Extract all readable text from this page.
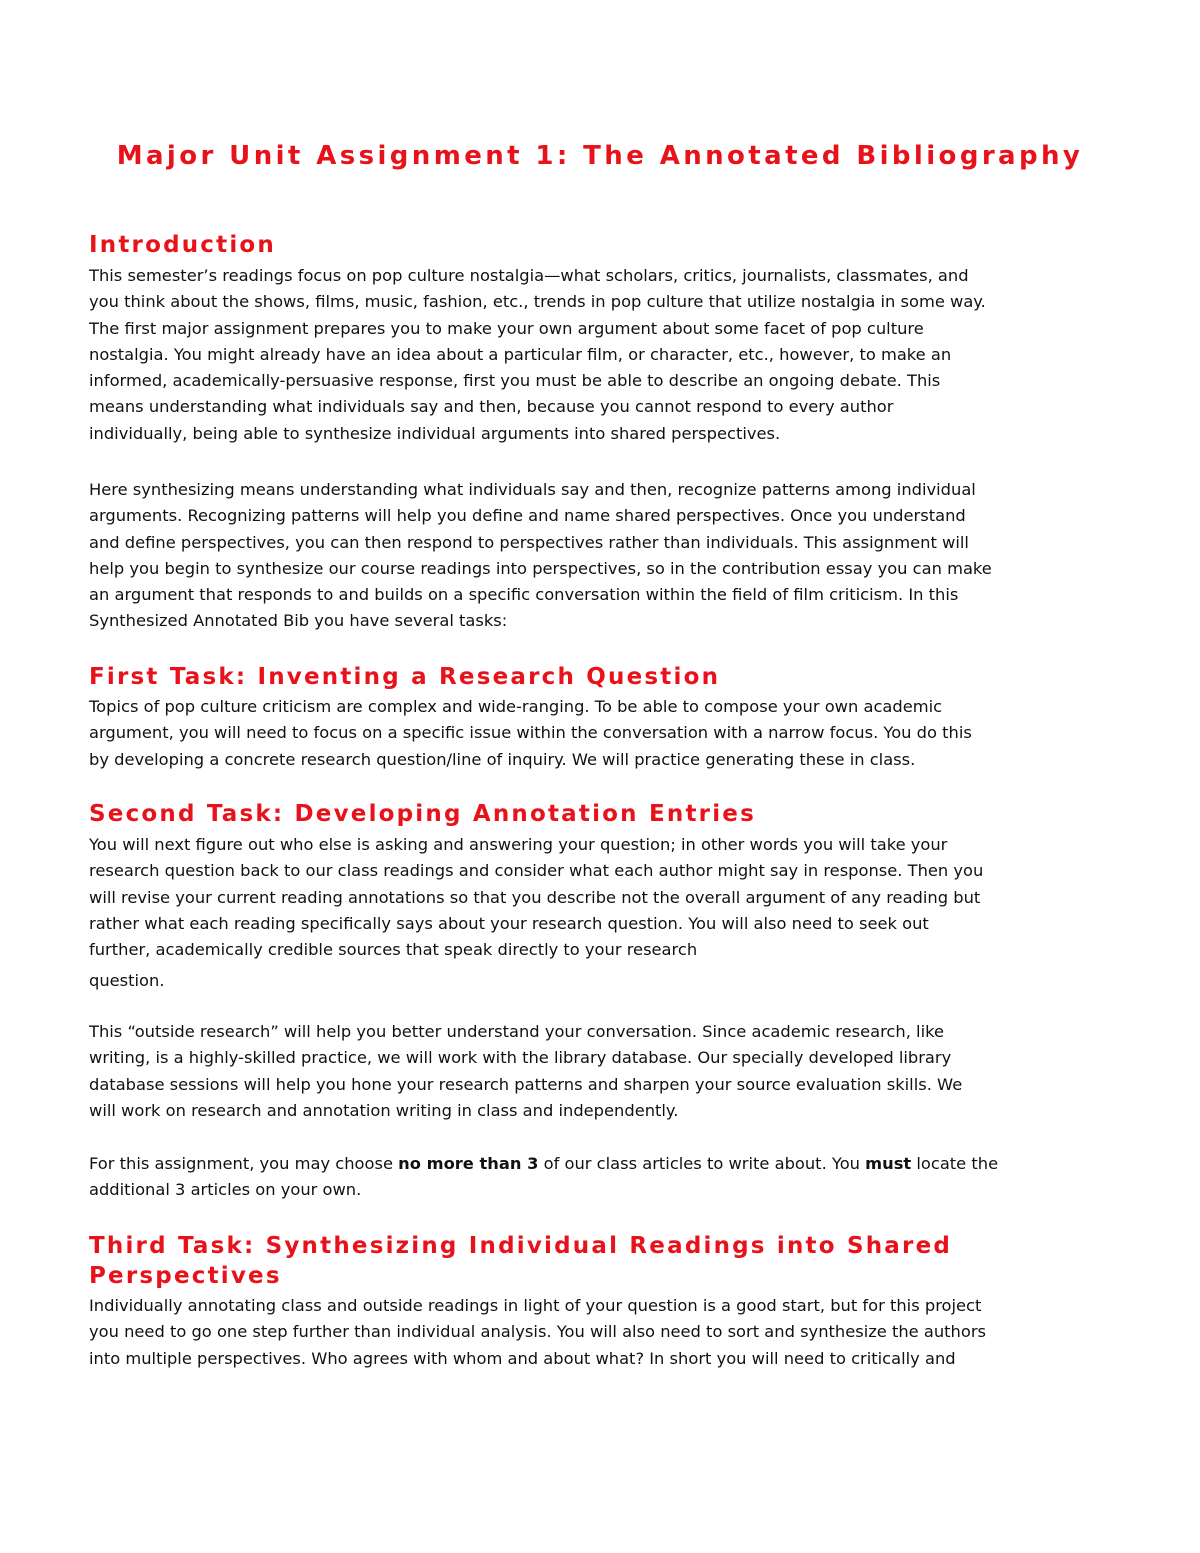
Major Unit Assignment 1: The Annotated Bibliography
Introduction
This semester’s readings focus on pop culture nostalgia—what scholars, critics, journalists, classmates, and
you think about the shows, films, music, fashion, etc., trends in pop culture that utilize nostalgia in some way.
The first major assignment prepares you to make your own argument about some facet of pop culture
nostalgia. You might already have an idea about a particular film, or character, etc., however, to make an
informed, academically-persuasive response, first you must be able to describe an ongoing debate. This
means understanding what individuals say and then, because you cannot respond to every author
individually, being able to synthesize individual arguments into shared perspectives.
Here synthesizing means understanding what individuals say and then, recognize patterns among individual
arguments. Recognizing patterns will help you define and name shared perspectives. Once you understand
and define perspectives, you can then respond to perspectives rather than individuals. This assignment will
help you begin to synthesize our course readings into perspectives, so in the contribution essay you can make
an argument that responds to and builds on a specific conversation within the field of film criticism. In this
Synthesized Annotated Bib you have several tasks:
First Task: Inventing a Research Question
Topics of pop culture criticism are complex and wide-ranging. To be able to compose your own academic
argument, you will need to focus on a specific issue within the conversation with a narrow focus. You do this
by developing a concrete research question/line of inquiry. We will practice generating these in class.
Second Task: Developing Annotation Entries
You will next figure out who else is asking and answering your question; in other words you will take your
research question back to our class readings and consider what each author might say in response. Then you
will revise your current reading annotations so that you describe not the overall argument of any reading but
rather what each reading specifically says about your research question. You will also need to seek out
further, academically credible sources that speak directly to your research
question.
This “outside research” will help you better understand your conversation. Since academic research, like
writing, is a highly-skilled practice, we will work with the library database. Our specially developed library
database sessions will help you hone your research patterns and sharpen your source evaluation skills. We
will work on research and annotation writing in class and independently.
For this assignment, you may choose no more than 3 of our class articles to write about. You must locate the
additional 3 articles on your own.
Third Task: Synthesizing Individual Readings into Shared
Perspectives
Individually annotating class and outside readings in light of your question is a good start, but for this project
you need to go one step further than individual analysis. You will also need to sort and synthesize the authors
into multiple perspectives. Who agrees with whom and about what? In short you will need to critically and
